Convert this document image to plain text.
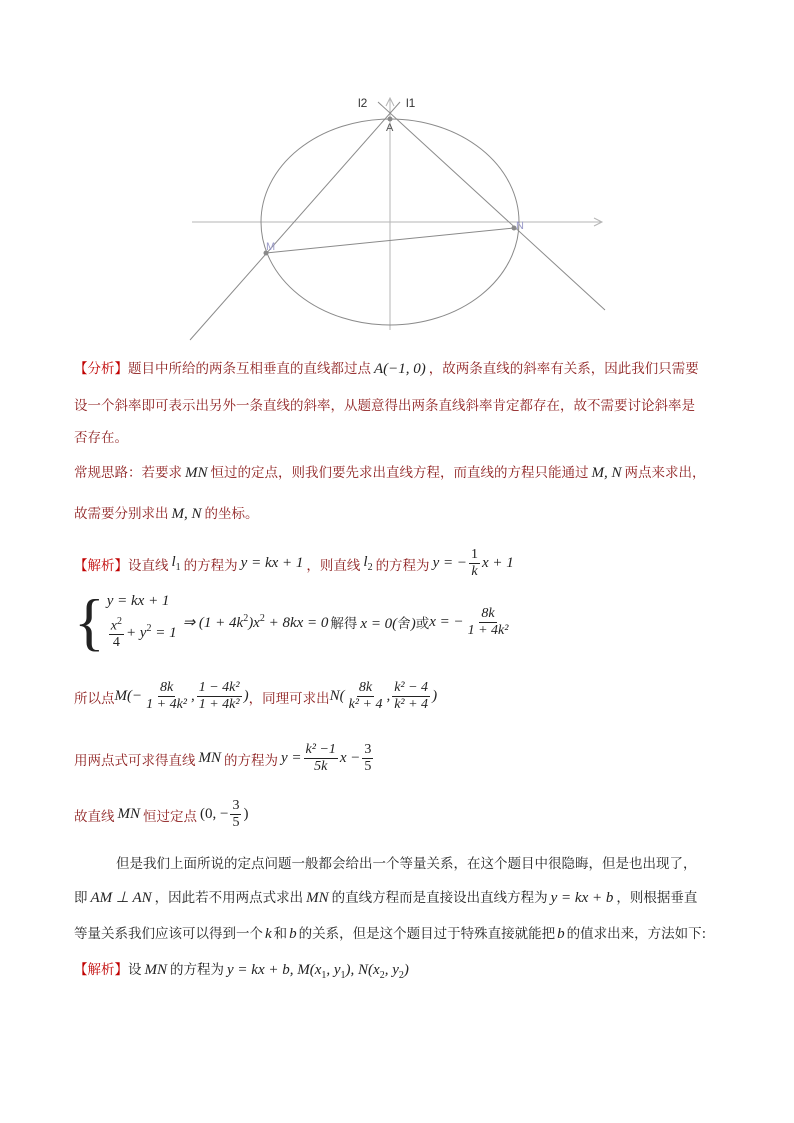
l2	l1
A
M
N
【分析】题目中所给的两条互相垂直的直线都过点 A(−1, 0) ，故两条直线的斜率有关系，因此我们只需要
设一个斜率即可表示出另外一条直线的斜率，从题意得出两条直线斜率肯定都存在，故不需要讨论斜率是
否存在。
常规思路：若要求 MN 恒过的定点，则我们要先求出直线方程，而直线的方程只能通过 M, N 两点来求出，
故需要分别求出 M, N 的坐标。
【解析】 设直线 $l_1$ 的方程为 y = kx + 1 ，则直线 $l_2$ 的方程为 y = − $\frac{1}{k}$ x + 1
{ y = kx + 1
$\frac{x^2}{4} + y^2 = 1$
⇒ $(1 + 4k^2)x^2 + 8kx = 0$ 解得 x = 0(舍) 或 x = − $\frac{8k}{\text{1 + 4k²}}$
所以点 $M(- \frac{8k}{\text{1 + 4k²}}$ , $\frac{\text{1 − 4k²}}{\text{1 + 4k²}}$ ) ，同理可求出 $N( \frac{8k}{\text{k² + 4}}$ , $\frac{\text{k² − 4}}{\text{k² + 4}}$ )
用两点式可求得直线 MN 的方程为 $y = \frac{\text{k² −1}}{5k}$ $x - \frac{3}{5}$
故直线 MN 恒过定点 (0, − $\frac{3}{5}$ )
但是我们上面所说的定点问题一般都会给出一个等量关系，在这个题目中很隐晦，但是也出现了，
即 AM ⊥ AN ，因此若不用两点式求出 MN 的直线方程而是直接设出直线方程为 y = kx + b ，则根据垂直
等量关系我们应该可以得到一个 k 和 b 的关系，但是这个题目过于特殊直接就能把 b 的值求出来，方法如下:
【解析】设 MN 的方程为 y = kx + b, $M(x_1$, $y_1$), $N(x_2$, $y_2$)
